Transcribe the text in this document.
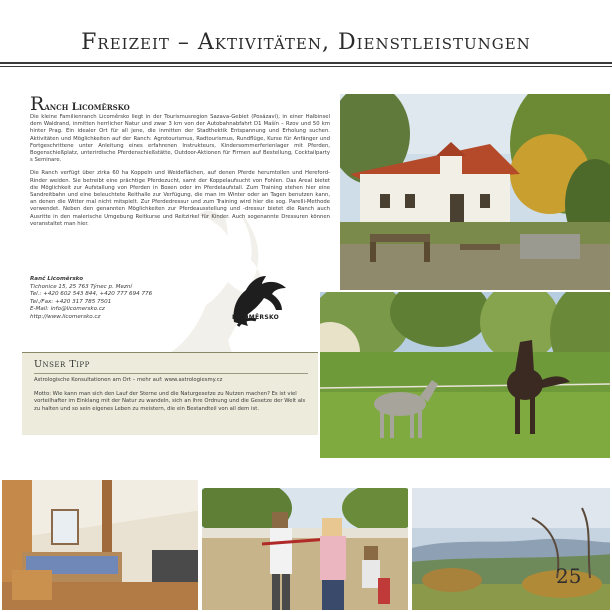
Freizeit – Aktivitäten, Dienstleistungen
Ranch Licoměrsko

Die kleine Familienranch Licoměrsko liegt in der Tourismusregion Sazava-Gebiet (Posázaví), in einer Halbinsel dem Waldrand, inmitten herrlicher Natur und zwar 3 km von der Autobahnabfahrt D1 Mašín – Rzov und 50 km hinter Prag. Ein idealer Ort für all jene, die inmitten der Stadthektik Entspannung und Erholung suchen. Aktivitäten und Möglichkeiten auf der Ranch: Agrotourismus, Radtourismus, Rundflüge, Kurse für Anfänger und Fortgeschrittene unter Anleitung eines erfahrenen Instrukteurs, Kindersommerferienlager mit Pferden, Bogenschießplatz, unterirdische Pferdenschießstätte, Outdoor-Aktionen für Firmen auf Bestellung, Cocktailparty s Seminare.

Die Ranch verfügt über zirka 60 ha Koppeln und Weideflächen, auf denen Pferde herumtollen und Hereford-Rinder weiden. Sie betreibt eine prächtige Pferdezucht, samt der Koppelaufsucht von Fohlen. Das Areal bietet die Möglichkeit zur Aufstallung von Pferden in Boxen oder im Pferdelaufstall. Zum Training stehen hier eine Sandreitbahn und eine beleuchtete Reithalle zur Verfügung, die man im Winter oder an Tagen benutzen kann, an denen die Witter mal nicht mitspielt. Zur Pferdedressur und zum Training wird hier die sog. Parelli-Methode verwendet. Neben den genannten Möglichkeiten zur Pferdeausstellung und -dressur bietet die Ranch auch Ausritte in den malerische Umgebung Reitkurse und Reitzirkel für Kinder. Auch sogenannte Dressuren können veranstaltet man hier.

Ranč Licoměrsko
Tichonice 15, 25 763 Týnec p. Mezní
Tel.: +420 602 543 844, +420 777 694 776
Tel./Fax: +420 317 785 7501
E-Mail: info@licomersko.cz
http://www.licomersko.cz	LICOMĚRSKO
Unser Tipp
Astrologische Konsultationen am Ort – mehr auf: www.astrologiesmy.cz
Motto: Wie kann man sich den Lauf der Sterne und die Naturgesetze zu Nutzen machen? Es ist viel vorteilhafter im Einklang mit der Natur zu wandeln, sich an ihre Ordnung und die Gesetze der Welt als zu halten und so sein eigenes Leben zu meistern, die ein Bestandteil von all dem ist.
25
